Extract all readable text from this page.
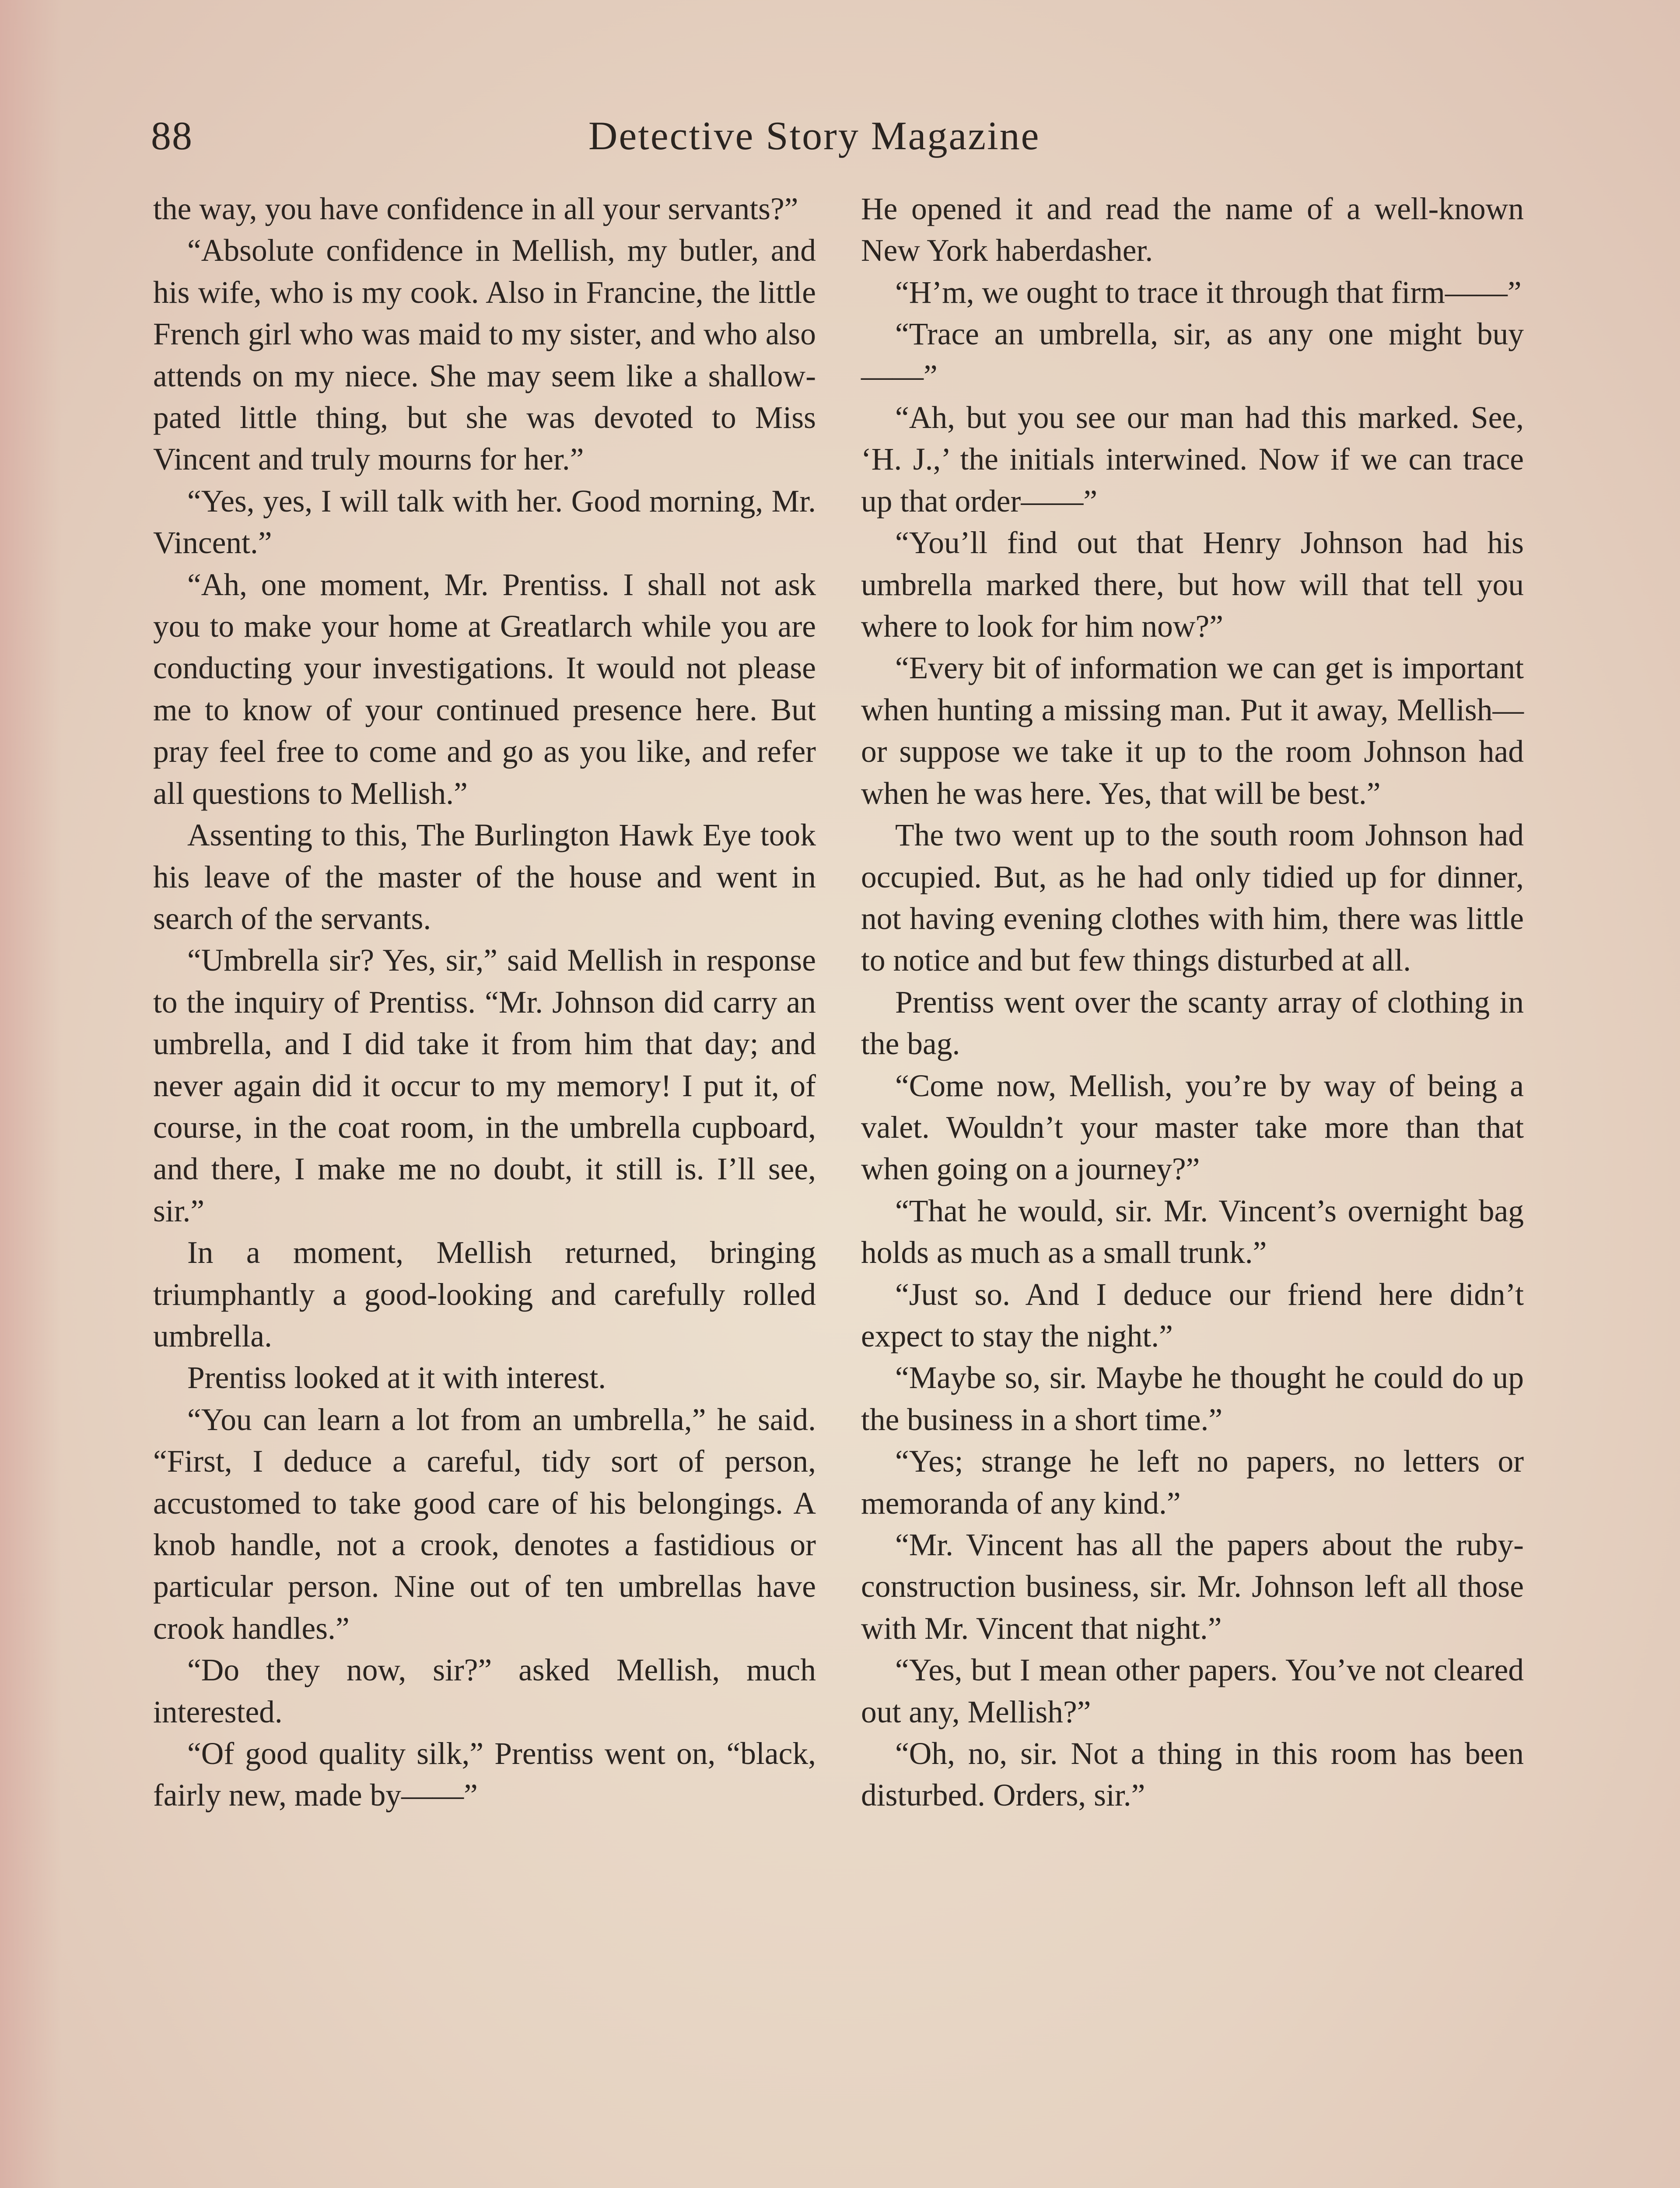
88	Detective Story Magazine

the way, you have confidence in all your servants?”

“Absolute confidence in Mellish, my butler, and his wife, who is my cook. Also in Francine, the little French girl who was maid to my sister, and who also attends on my niece. She may seem like a shallow-pated little thing, but she was devoted to Miss Vincent and truly mourns for her.”

“Yes, yes, I will talk with her. Good morning, Mr. Vincent.”

“Ah, one moment, Mr. Prentiss. I shall not ask you to make your home at Greatlarch while you are conducting your investigations. It would not please me to know of your continued presence here. But pray feel free to come and go as you like, and refer all questions to Mellish.”

Assenting to this, The Burlington Hawk Eye took his leave of the master of the house and went in search of the servants.

“Umbrella sir? Yes, sir,” said Mellish in response to the inquiry of Prentiss. “Mr. Johnson did carry an umbrella, and I did take it from him that day; and never again did it occur to my memory! I put it, of course, in the coat room, in the umbrella cupboard, and there, I make me no doubt, it still is. I’ll see, sir.”

In a moment, Mellish returned, bringing triumphantly a good-looking and carefully rolled umbrella.

Prentiss looked at it with interest.

“You can learn a lot from an umbrella,” he said. “First, I deduce a careful, tidy sort of person, accustomed to take good care of his belongings. A knob handle, not a crook, denotes a fastidious or particular person. Nine out of ten umbrellas have crook handles.”

“Do they now, sir?” asked Mellish, much interested.

“Of good quality silk,” Prentiss went on, “black, fairly new, made by——”

He opened it and read the name of a well-known New York haberdasher.

“H’m, we ought to trace it through that firm——”

“Trace an umbrella, sir, as any one might buy——”

“Ah, but you see our man had this marked. See, ‘H. J.,’ the initials interwined. Now if we can trace up that order——”

“You’ll find out that Henry Johnson had his umbrella marked there, but how will that tell you where to look for him now?”

“Every bit of information we can get is important when hunting a missing man. Put it away, Mellish—or suppose we take it up to the room Johnson had when he was here. Yes, that will be best.”

The two went up to the south room Johnson had occupied. But, as he had only tidied up for dinner, not having evening clothes with him, there was little to notice and but few things disturbed at all.

Prentiss went over the scanty array of clothing in the bag.

“Come now, Mellish, you’re by way of being a valet. Wouldn’t your master take more than that when going on a journey?”

“That he would, sir. Mr. Vincent’s overnight bag holds as much as a small trunk.”

“Just so. And I deduce our friend here didn’t expect to stay the night.”

“Maybe so, sir. Maybe he thought he could do up the business in a short time.”

“Yes; strange he left no papers, no letters or memoranda of any kind.”

“Mr. Vincent has all the papers about the ruby-construction business, sir. Mr. Johnson left all those with Mr. Vincent that night.”

“Yes, but I mean other papers. You’ve not cleared out any, Mellish?”

“Oh, no, sir. Not a thing in this room has been disturbed. Orders, sir.”
